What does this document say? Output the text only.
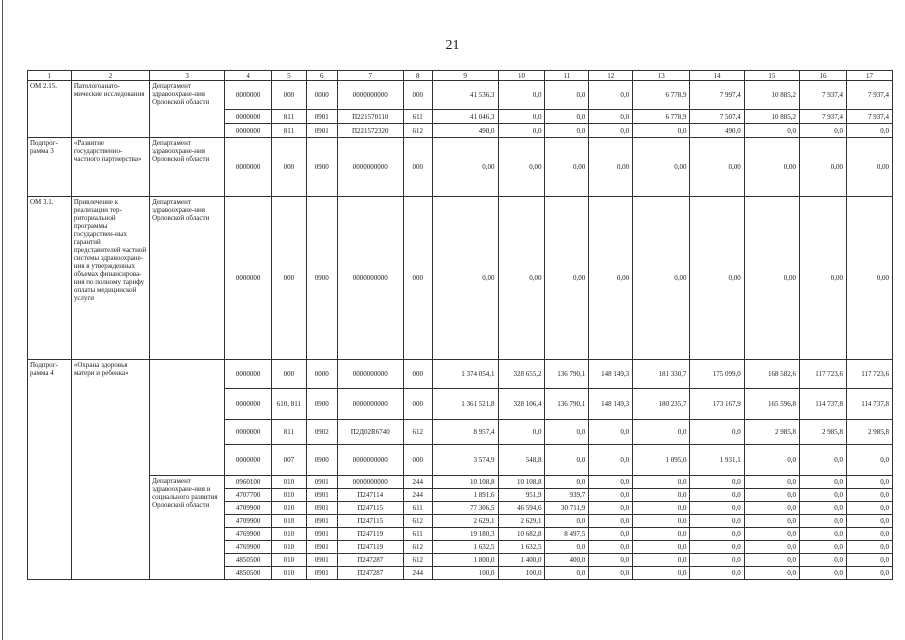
21
1	2	3	4	5	6	7	8	9	10	11	12	13	14	15	16	17
ОМ 2.15.	Патологоанато-мические исследования	Департамент здравоохране-ния Орловской области	0000000	000	0000	0000000000	000	41 536,3	0,0	0,0	0,0	6 778,9	7 997,4	10 885,2	7 937,4	7 937,4
			0000000	811	0901	П221570110	611	41 046,3	0,0	0,0	0,0	6 778,9	7 507,4	10 885,2	7 937,4	7 937,4
			0000000	811	0901	П221572320	612	490,0	0,0	0,0	0,0	0,0	490,0	0,0	0,0	0,0
Подпрог-рамма 3	«Развитие государственно-частного партнерства»	Департамент здравоохране-ния Орловской области	0000000	000	0900	0000000000	000	0,00	0,00	0,00	0,00	0,00	0,00	0,00	0,00	0,00
ОМ 3.1.	Привлечение к реализации тер-риториальной программы государствен-ных гарантий представителей частной системы здравоохране-ния в утвержденных объемах финансирова-ния по полному тарифу оплаты медицинской услуги	Департамент здравоохране-ния Орловской области	0000000	000	0900	0000000000	000	0,00	0,00	0,00	0,00	0,00	0,00	0,00	0,00	0,00
Подпрог-рамма 4	«Охрана здоровья матери и ребенка»		0000000	000	0000	0000000000	000	1 374 054,1	328 655,2	136 790,1	148 149,3	181 330,7	175 099,0	168 582,6	117 723,6	117 723,6
			0000000	610, 811	0900	0000000000	000	1 361 521,8	328 106,4	136 790,1	148 149,3	180 235,7	173 167,9	165 596,8	114 737,8	114 737,8
			0000000	811	0902	П2Д02R6740	612	8 957,4	0,0	0,0	0,0	0,0	0,0	2 985,8	2 985,8	2 985,8
			0000000	007	0900	0000000000	000	3 574,9	548,8	0,0	0,0	1 095,0	1 931,1	0,0	0,0	0,0
		Департамент здравоохране-ния и социального развития Орловской области	0960100	010	0901	0000000000	244	10 108,8	10 108,8	0,0	0,0	0,0	0,0	0,0	0,0	0,0
			4707700	010	0901	П247114	244	1 891,6	951,9	939,7	0,0	0,0	0,0	0,0	0,0	0,0
			4709900	010	0901	П247115	611	77 306,5	46 594,6	30 711,9	0,0	0,0	0,0	0,0	0,0	0,0
			4709900	010	0901	П247115	612	2 629,1	2 629,1	0,0	0,0	0,0	0,0	0,0	0,0	0,0
			4769900	010	0901	П247119	611	19 180,3	10 682,8	8 497,5	0,0	0,0	0,0	0,0	0,0	0,0
			4769900	010	0901	П247119	612	1 632,5	1 632,5	0,0	0,0	0,0	0,0	0,0	0,0	0,0
			4850500	010	0901	П247287	612	1 800,0	1 400,0	400,0	0,0	0,0	0,0	0,0	0,0	0,0
			4850500	010	0901	П247287	244	100,0	100,0	0,0	0,0	0,0	0,0	0,0	0,0	0,0
